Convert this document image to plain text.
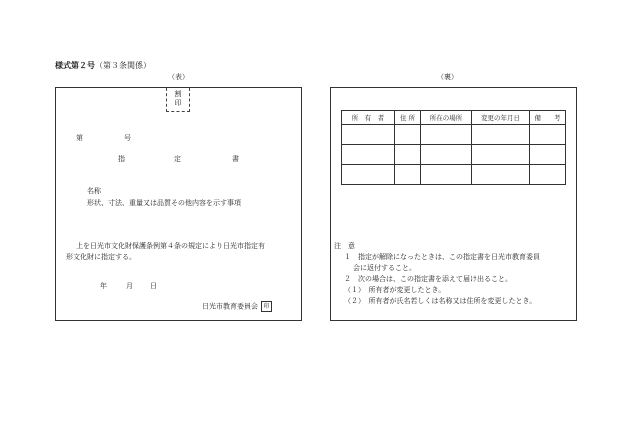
様式第２号（第３条関係）
（表）	（裏）
割
印
第	号
指	定	書
名称
形状、寸法、重量又は品質その他内容を示す事項
上を日光市文化財保護条例第４条の規定により日光市指定有
形文化財に指定する。
年	月 日
日光市教育委員会 印
所　有　者	住 所	所在の場所	変更の年月日	備　　考

注　意
１　指定が解除になったときは、この指定書を日光市教育委員
会に返付すること。
２　次の場合は、この指定書を添えて届け出ること。
（１）　所有者が変更したとき。
（２）　所有者が氏名若しくは名称又は住所を変更したとき。
